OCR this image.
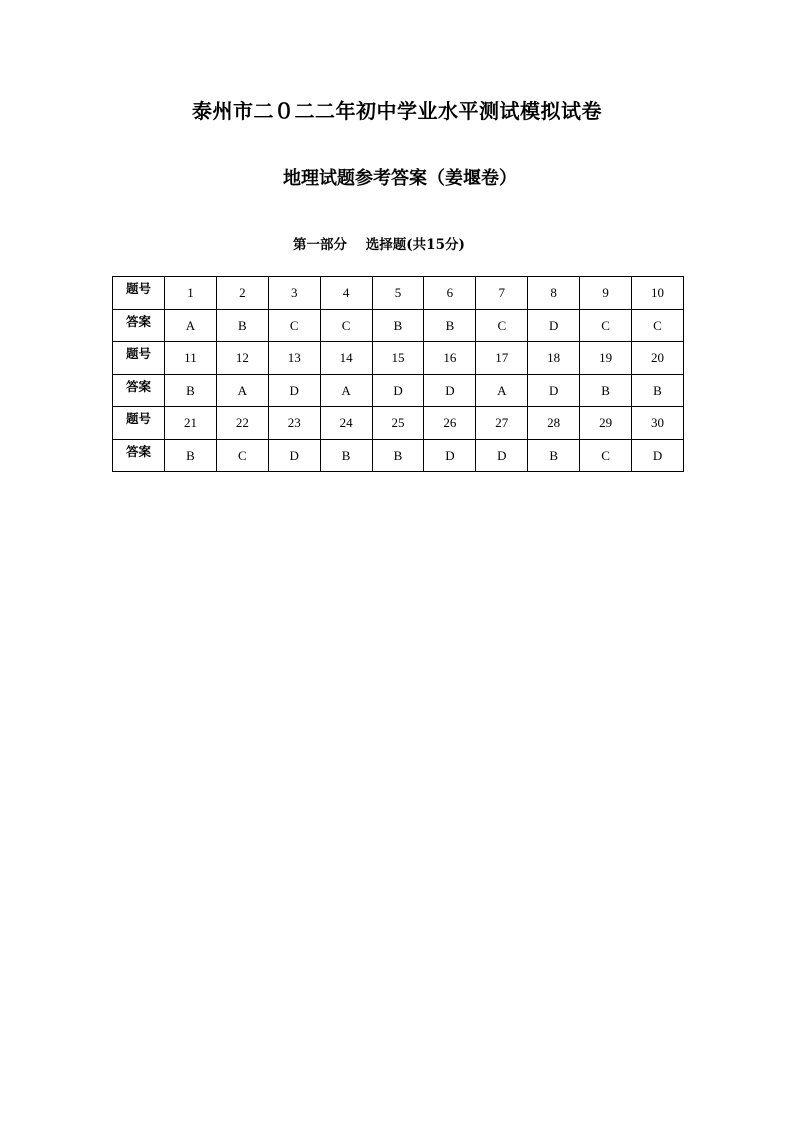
泰州市二０二二年初中学业水平测试模拟试卷
地理试题参考答案（姜堰卷）
第一部分    选择题(共15分)
题号	1	2	3	4	5	6	7	8	9	10
答案	A	B	C	C	B	B	C	D	C	C
题号	11	12	13	14	15	16	17	18	19	20
答案	B	A	D	A	D	D	A	D	B	B
题号	21	22	23	24	25	26	27	28	29	30
答案	B	C	D	B	B	D	D	B	C	D
